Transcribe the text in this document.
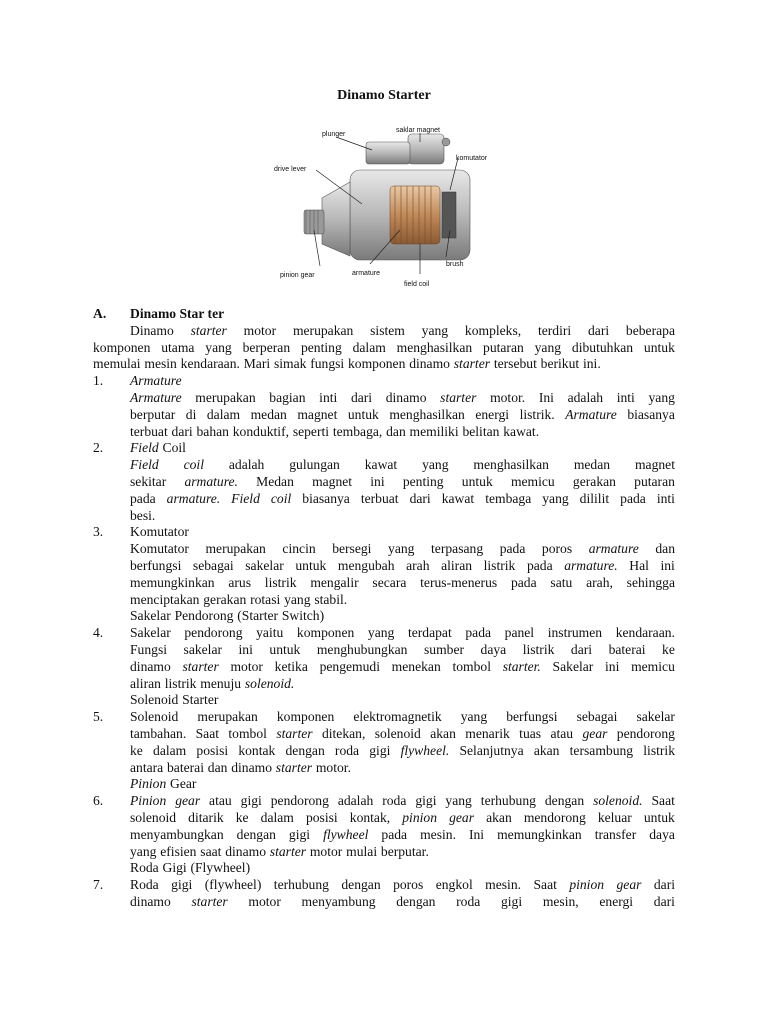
Dinamo Starter
plunger
saklar magnet
komutator
drive lever
brush
pinion gear	armature
field coil
A. Dinamo Star ter
Dinamo starter motor merupakan sistem yang kompleks, terdiri dari beberapa
komponen utama yang berperan penting dalam menghasilkan putaran yang dibutuhkan untuk
memulai mesin kendaraan. Mari simak fungsi komponen dinamo starter tersebut berikut ini.
1. Armature
Armature merupakan bagian inti dari dinamo starter motor. Ini adalah inti yang
berputar di dalam medan magnet untuk menghasilkan energi listrik. Armature biasanya
terbuat dari bahan konduktif, seperti tembaga, dan memiliki belitan kawat.
2. Field Coil
Field coil adalah gulungan kawat yang menghasilkan medan magnet
sekitar armature. Medan magnet ini penting untuk memicu gerakan putaran
pada armature. Field coil biasanya terbuat dari kawat tembaga yang dililit pada inti
besi.
3. Komutator
Komutator merupakan cincin bersegi yang terpasang pada poros armature dan
berfungsi sebagai sakelar untuk mengubah arah aliran listrik pada armature. Hal ini
memungkinkan arus listrik mengalir secara terus-menerus pada satu arah, sehingga
menciptakan gerakan rotasi yang stabil.
Sakelar Pendorong (Starter Switch)
4. Sakelar pendorong yaitu komponen yang terdapat pada panel instrumen kendaraan.
Fungsi sakelar ini untuk menghubungkan sumber daya listrik dari baterai ke
dinamo starter motor ketika pengemudi menekan tombol starter. Sakelar ini memicu
aliran listrik menuju solenoid.
Solenoid Starter
5. Solenoid merupakan komponen elektromagnetik yang berfungsi sebagai sakelar
tambahan. Saat tombol starter ditekan, solenoid akan menarik tuas atau gear pendorong
ke dalam posisi kontak dengan roda gigi flywheel. Selanjutnya akan tersambung listrik
antara baterai dan dinamo starter motor.
Pinion Gear
6. Pinion gear atau gigi pendorong adalah roda gigi yang terhubung dengan solenoid. Saat
solenoid ditarik ke dalam posisi kontak, pinion gear akan mendorong keluar untuk
menyambungkan dengan gigi flywheel pada mesin. Ini memungkinkan transfer daya
yang efisien saat dinamo starter motor mulai berputar.
Roda Gigi (Flywheel)
7. Roda gigi (flywheel) terhubung dengan poros engkol mesin. Saat pinion gear dari
dinamo starter motor menyambung dengan roda gigi mesin, energi dari
